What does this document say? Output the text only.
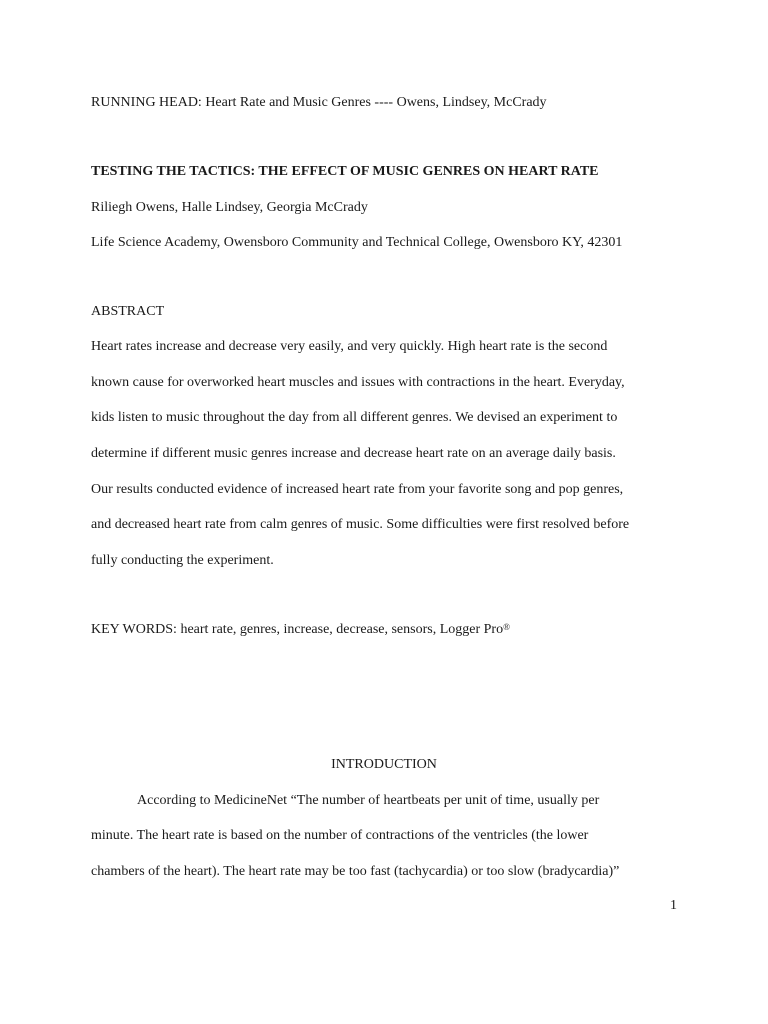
RUNNING HEAD: Heart Rate and Music Genres ---- Owens, Lindsey, McCrady
TESTING THE TACTICS: THE EFFECT OF MUSIC GENRES ON HEART RATE
Riliegh Owens, Halle Lindsey, Georgia McCrady
Life Science Academy, Owensboro Community and Technical College, Owensboro KY, 42301
ABSTRACT
Heart rates increase and decrease very easily, and very quickly. High heart rate is the second
known cause for overworked heart muscles and issues with contractions in the heart. Everyday,
kids listen to music throughout the day from all different genres. We devised an experiment to
determine if different music genres increase and decrease heart rate on an average daily basis.
Our results conducted evidence of increased heart rate from your favorite song and pop genres,
and decreased heart rate from calm genres of music. Some difficulties were first resolved before
fully conducting the experiment.
KEY WORDS: heart rate, genres, increase, decrease, sensors, Logger Pro®
INTRODUCTION
According to MedicineNet “The number of heartbeats per unit of time, usually per
minute. The heart rate is based on the number of contractions of the ventricles (the lower
chambers of the heart). The heart rate may be too fast (tachycardia) or too slow (bradycardia)”
1
